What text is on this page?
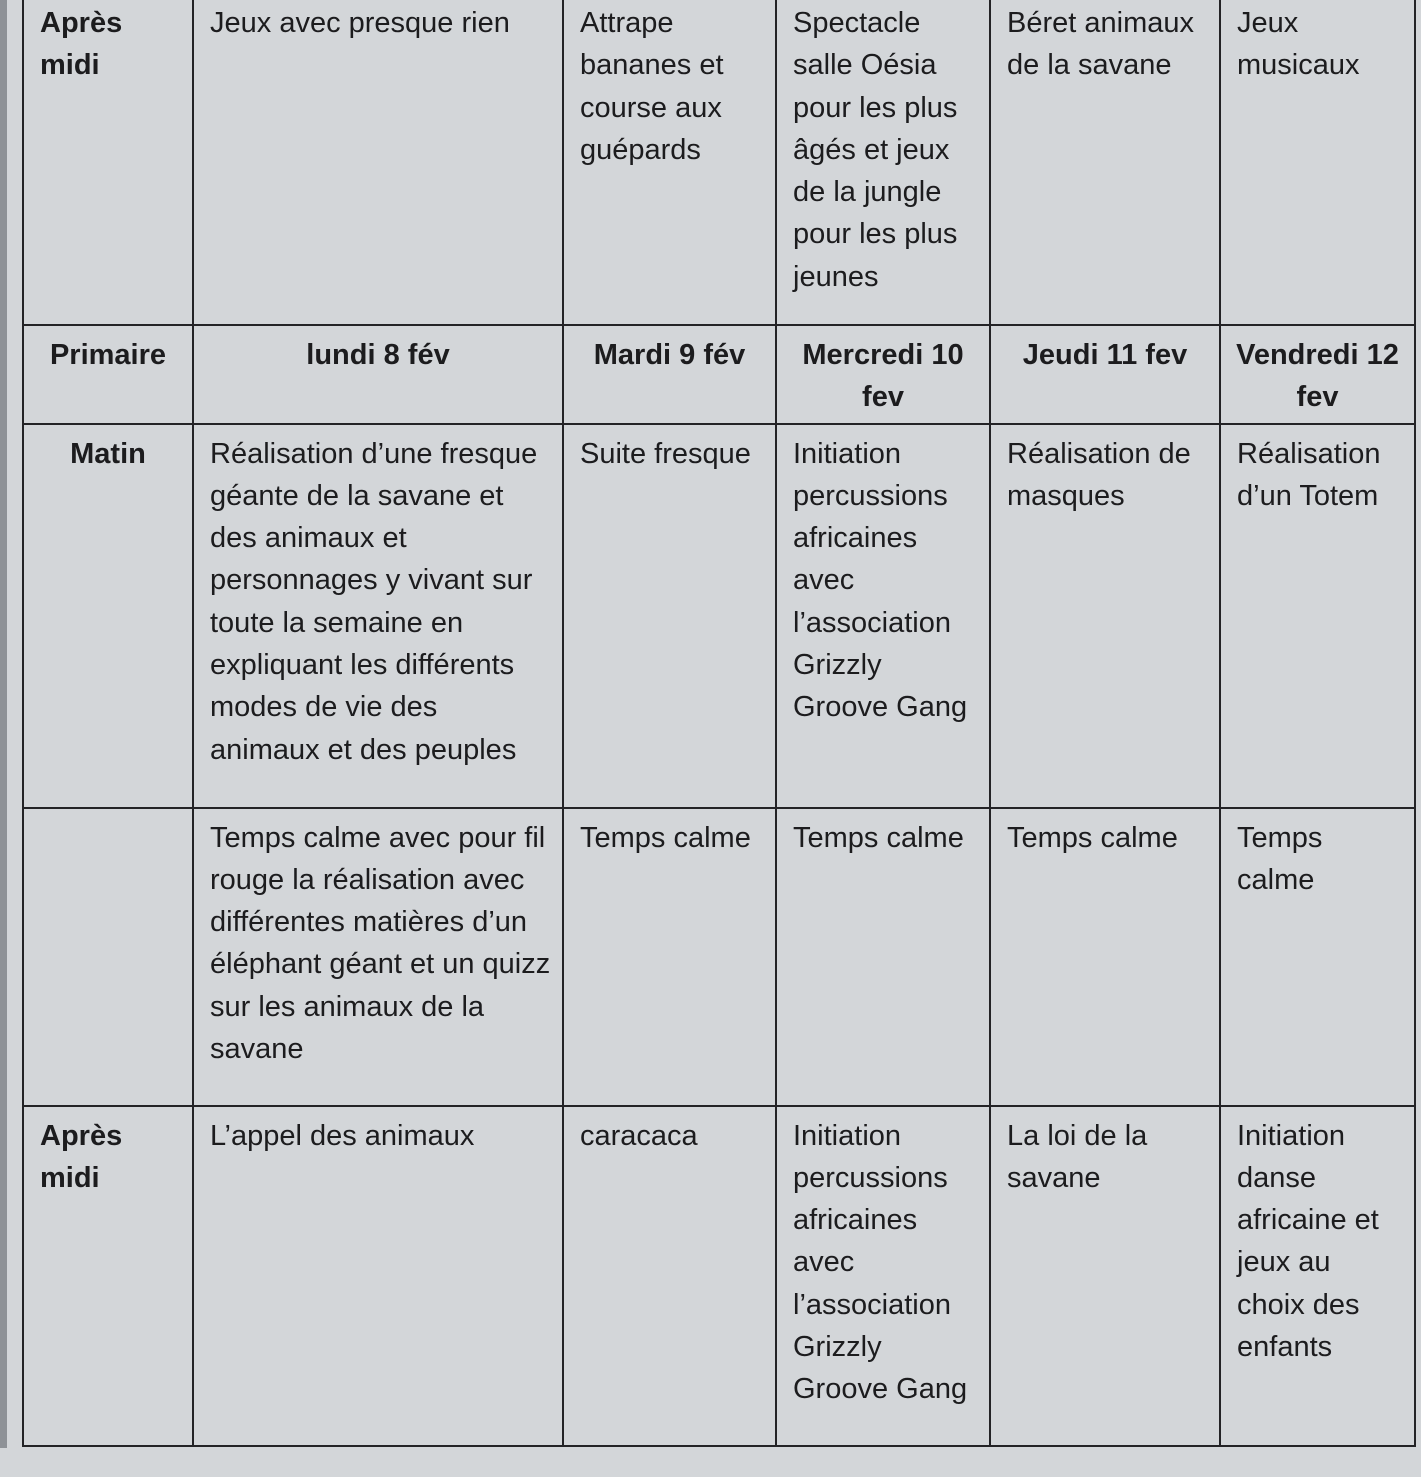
Après midi	Jeux avec presque rien	Attrape bananes et course aux guépards	Spectacle salle Oésia pour les plus âgés et jeux de la jungle pour les plus jeunes	Béret animaux de la savane	Jeux musicaux
Primaire	lundi 8 fév	Mardi 9 fév	Mercredi 10 fev	Jeudi 11 fev	Vendredi 12 fev
Matin	Réalisation d’une fresque géante de la savane et des animaux et personnages y vivant sur toute la semaine en expliquant les différents modes de vie des animaux et des peuples	Suite fresque	Initiation percussions africaines avec l’association Grizzly Groove Gang	Réalisation de masques	Réalisation d’un Totem
	Temps calme avec pour fil rouge la réalisation avec différentes matières d’un éléphant géant et un quizz sur les animaux de la savane	Temps calme	Temps calme	Temps calme	Temps calme
Après midi	L’appel des animaux	caracaca	Initiation percussions africaines avec l’association Grizzly Groove Gang	La loi de la savane	Initiation danse africaine et jeux au choix des enfants
